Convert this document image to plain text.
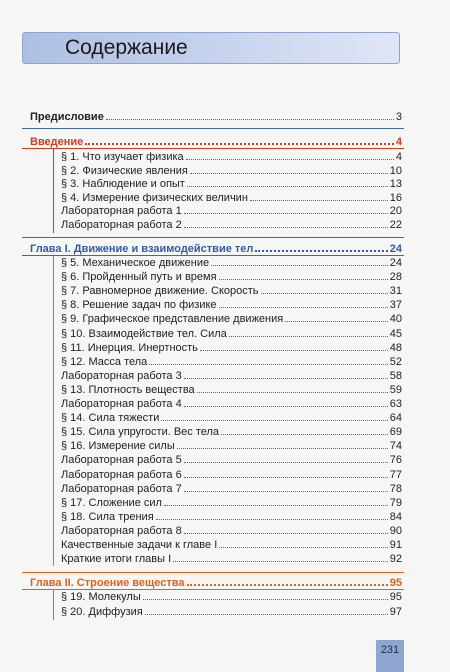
Содержание
Предисловие	3
Введение	4
§ 1. Что изучает физика	4
§ 2. Физические явления	10
§ 3. Наблюдение и опыт	13
§ 4. Измерение физических величин	16
Лабораторная работа 1	20
Лабораторная работа 2	22
Глава I. Движение и взаимодействие тел	24
§ 5. Механическое движение	24
§ 6. Пройденный путь и время	28
§ 7. Равномерное движение. Скорость	31
§ 8. Решение задач по физике	37
§ 9. Графическое представление движения	40
§ 10. Взаимодействие тел. Сила	45
§ 11. Инерция. Инертность	48
§ 12. Масса тела	52
Лабораторная работа 3	58
§ 13. Плотность вещества	59
Лабораторная работа 4	63
§ 14. Сила тяжести	64
§ 15. Сила упругости. Вес тела	69
§ 16. Измерение силы	74
Лабораторная работа 5	76
Лабораторная работа 6	77
Лабораторная работа 7	78
§ 17. Сложение сил	79
§ 18. Сила трения	84
Лабораторная работа 8	90
Качественные задачи к главе I	91
Краткие итоги главы I	92
Глава II. Строение вещества	95
§ 19. Молекулы	95
§ 20. Диффузия	97
231
